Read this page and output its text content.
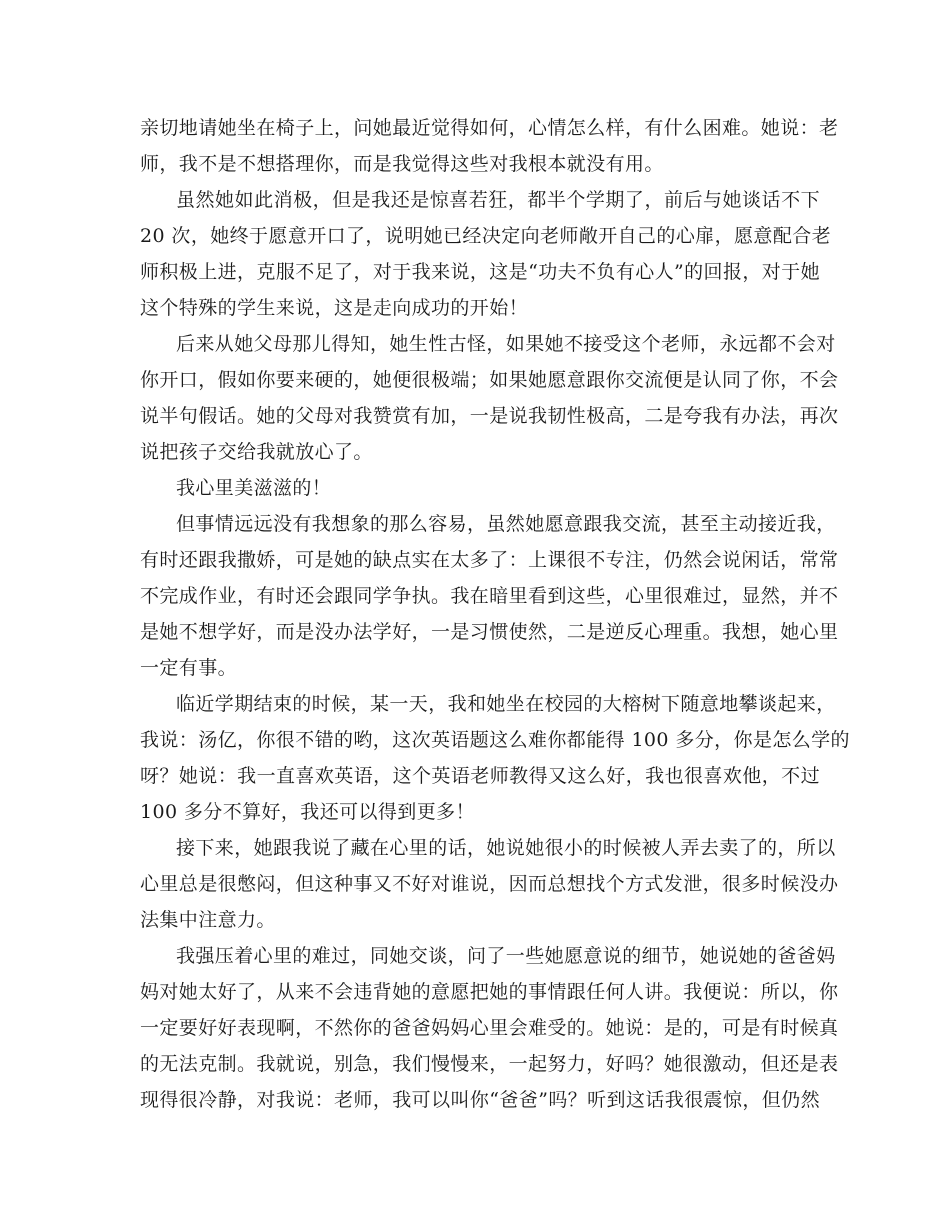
亲切地请她坐在椅子上，问她最近觉得如何，心情怎么样，有什么困难。她说：老
师，我不是不想搭理你，而是我觉得这些对我根本就没有用。
虽然她如此消极，但是我还是惊喜若狂，都半个学期了，前后与她谈话不下
20 次，她终于愿意开口了，说明她已经决定向老师敞开自己的心扉，愿意配合老
师积极上进，克服不足了，对于我来说，这是“功夫不负有心人”的回报，对于她
这个特殊的学生来说，这是走向成功的开始！
后来从她父母那儿得知，她生性古怪，如果她不接受这个老师，永远都不会对
你开口，假如你要来硬的，她便很极端；如果她愿意跟你交流便是认同了你，不会
说半句假话。她的父母对我赞赏有加，一是说我韧性极高，二是夸我有办法，再次
说把孩子交给我就放心了。
我心里美滋滋的！
但事情远远没有我想象的那么容易，虽然她愿意跟我交流，甚至主动接近我，
有时还跟我撒娇，可是她的缺点实在太多了：上课很不专注，仍然会说闲话，常常
不完成作业，有时还会跟同学争执。我在暗里看到这些，心里很难过，显然，并不
是她不想学好，而是没办法学好，一是习惯使然，二是逆反心理重。我想，她心里
一定有事。
临近学期结束的时候，某一天，我和她坐在校园的大榕树下随意地攀谈起来，
我说：汤亿，你很不错的哟，这次英语题这么难你都能得 100 多分，你是怎么学的
呀？她说：我一直喜欢英语，这个英语老师教得又这么好，我也很喜欢他，不过
100 多分不算好，我还可以得到更多！
接下来，她跟我说了藏在心里的话，她说她很小的时候被人弄去卖了的，所以
心里总是很憋闷，但这种事又不好对谁说，因而总想找个方式发泄，很多时候没办
法集中注意力。
我强压着心里的难过，同她交谈，问了一些她愿意说的细节，她说她的爸爸妈
妈对她太好了，从来不会违背她的意愿把她的事情跟任何人讲。我便说：所以，你
一定要好好表现啊，不然你的爸爸妈妈心里会难受的。她说：是的，可是有时候真
的无法克制。我就说，别急，我们慢慢来，一起努力，好吗？她很激动，但还是表
现得很冷静，对我说：老师，我可以叫你“爸爸”吗？听到这话我很震惊，但仍然
